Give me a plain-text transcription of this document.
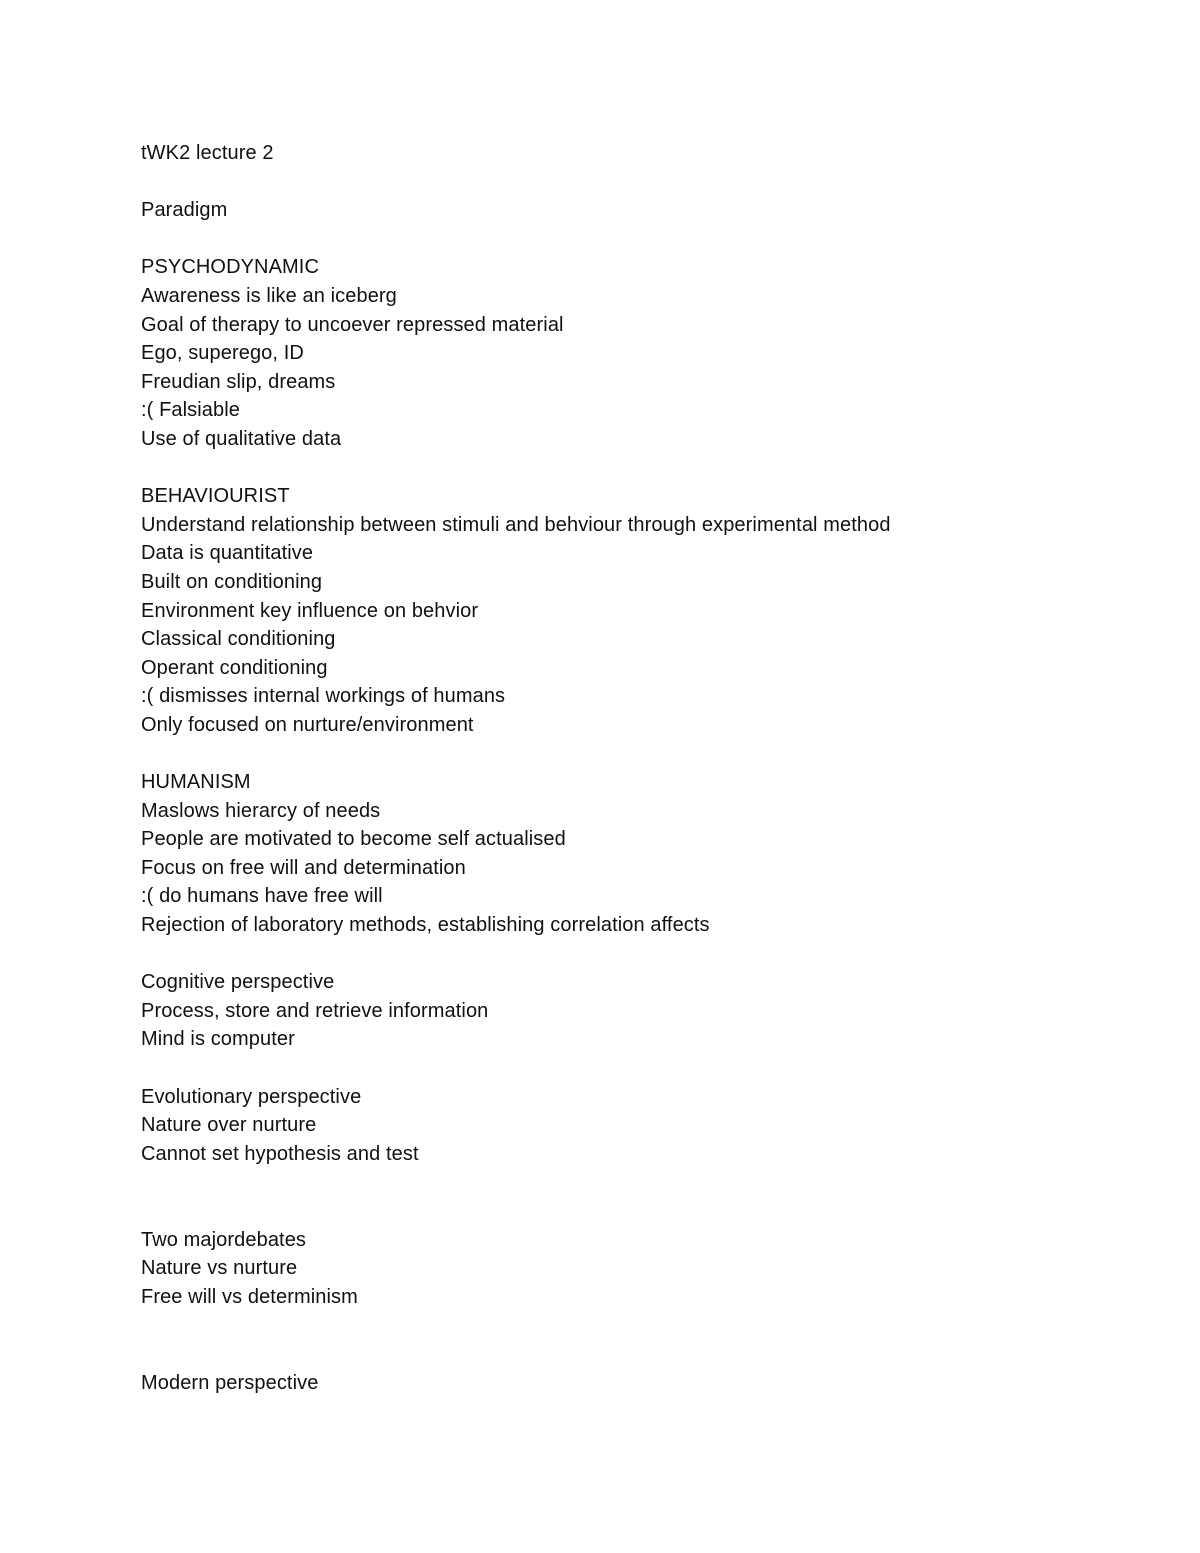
tWK2 lecture 2

Paradigm

PSYCHODYNAMIC

Awareness is like an iceberg

Goal of therapy to uncoever repressed material

Ego, superego, ID

Freudian slip, dreams

:( Falsiable

Use of qualitative data

BEHAVIOURIST

Understand relationship between stimuli and behviour through experimental method

Data is quantitative

Built on conditioning

Environment key influence on behvior

Classical conditioning

Operant conditioning

:( dismisses internal workings of humans

Only focused on nurture/environment

HUMANISM

Maslows hierarcy of needs

People are motivated to become self actualised

Focus on free will and determination

:( do humans have free will

Rejection of laboratory methods, establishing correlation affects

Cognitive perspective

Process, store and retrieve information

Mind is computer

Evolutionary perspective

Nature over nurture

Cannot set hypothesis and test

Two majordebates

Nature vs nurture

Free will vs determinism

Modern perspective
